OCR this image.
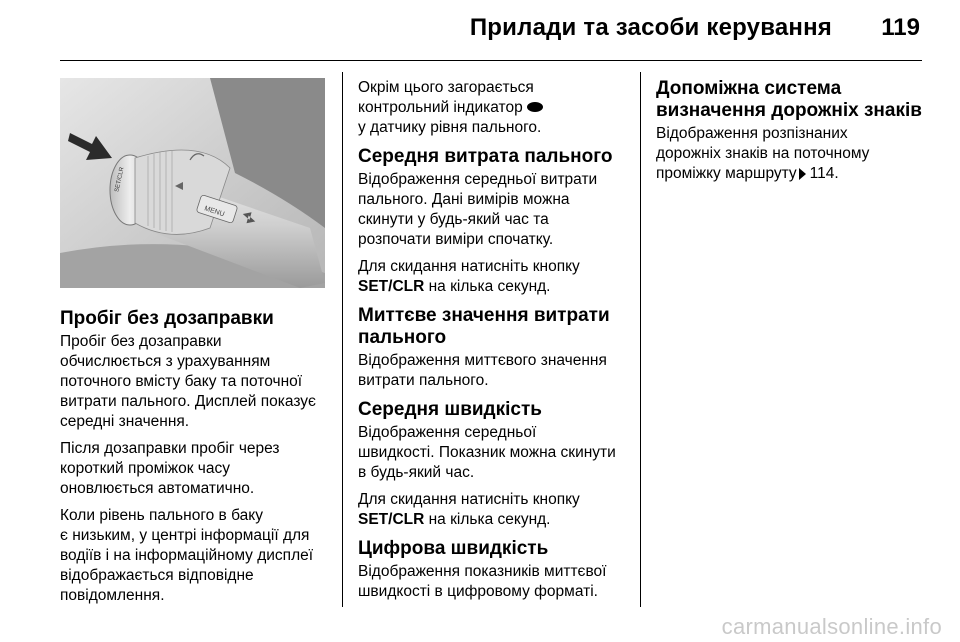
Прилади та засоби керування 119
MENU
SET/CLR
Пробіг без дозаправки

Пробіг без дозаправки
обчислюється з урахуванням
поточного вмісту баку та поточної
витрати пального. Дисплей показує
середні значення.

Після дозаправки пробіг через
короткий проміжок часу
оновлюється автоматично.

Коли рівень пального в баку
є низьким, у центрі інформації для
водіїв і на інформаційному дисплеї
відображається відповідне
повідомлення.

Окрім цього загорається
контрольний індикатор
у датчику рівня пального.

Середня витрата пального

Відображення середньої витрати
пального. Дані вимірів можна
скинути у будь-який час та
розпочати виміри спочатку.

Для скидання натисніть кнопку
SET/CLR на кілька секунд.

Миттєве значення витрати
пального

Відображення миттєвого значення
витрати пального.

Середня швидкість

Відображення середньої
швидкості. Показник можна скинути
в будь-який час.

Для скидання натисніть кнопку
SET/CLR на кілька секунд.

Цифрова швидкість

Відображення показників миттєвої
швидкості в цифровому форматі.

Допоміжна система
визначення дорожніх знаків

Відображення розпізнаних
дорожніх знаків на поточному
проміжку маршруту 114.

carmanualsonline.info
